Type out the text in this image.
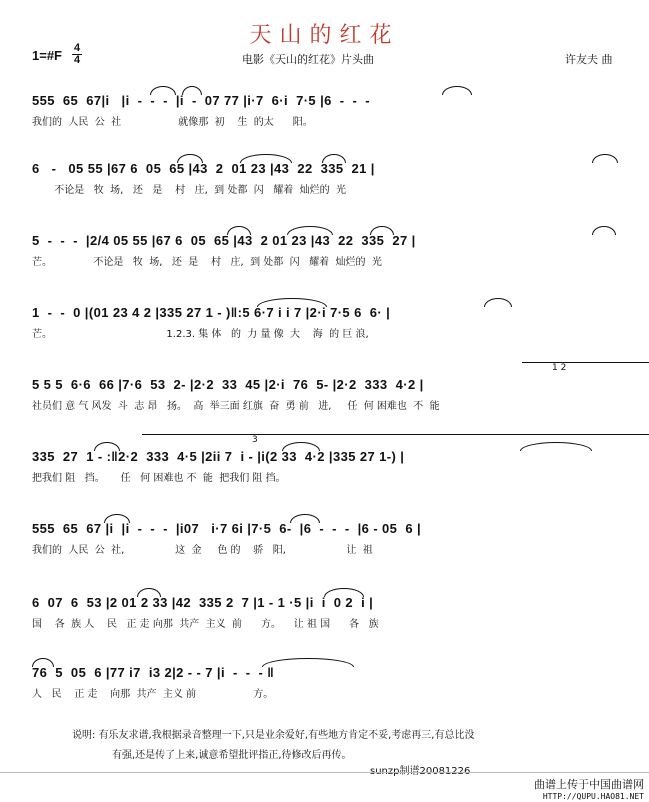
天山的红花
1=#F 4
4	电影《天山的红花》片头曲	许友夫 曲
555  65  67|i   |i  -  -  -  |i  -  07 77 |i·7  6·i  7·5 |6  -  -  -
我们的  人民  公  社                  就像那  初    生  的太      阳。
6   -   05 55 |67 6  05  65 |43  2  01 23 |43  22  335  21 |
不论是   牧  场,   还   是    村   庄,  到 处都  闪   耀着  灿烂的  光
5  -  -  -  |2/4 05 55 |67 6  05  65 |43  2 01 23 |43  22  335  27 |
芒。             不论是   牧  场,   还  是    村   庄,  到 处都  闪   耀着  灿烂的  光
1  -  -  0 |(01 23 4 2 |335 27 1 - )‖:5 6·7 i i 7 |2·i 7·5 6  6· |
芒。                                    1.2.3. 集 体   的  力 量 像  大    海  的 巨 浪,
5 5 5  6·6  66 |7·6  53  2- |2·2  33  45 |2·i  76  5- |2·2  333  4·2 |
社员们 意 气 风发  斗  志 昂   扬。  高  举三面 红旗  奋  勇 前   进,     任  何 困难也  不  能
1 2
335  27  1 - :‖2·2  333  4·5 |2ii 7  i - |i(2 33  4·2 |335 27 1-) |
把我们 阻   挡。     任   何 困难也 不  能  把我们 阻 挡。
3
555  65  67 |i  |i  -  -  -  |i07   i·7 6i |7·5  6-  |6  -  -  -  |6 - 05  6 |
我们的  人民  公  社,                这  金     色 的    骄   阳,                   让  祖
6  07  6  53 |2 01 2 33 |42  335 2  7 |1 - 1 ·5 |i  i  0 2  i |
国    各  族 人    民   正 走 向那  共产  主义  前      方。    让 祖 国      各   族
76  5  05  6 |77 i7  i3 2|2 - - 7 |i  -  -  - ‖
人   民    正 走    向那  共产  主义 前                  方。
说明: 有乐友求谱,我根据录音整理一下,只是业余爱好,有些地方肯定不妥,考虑再三,有总比没
有强,还是传了上来,诚意希望批评指正,待修改后再传。
sunzp制谱20081226
曲谱上传于中国曲谱网
HTTP://QUPU.HAO81.NET
